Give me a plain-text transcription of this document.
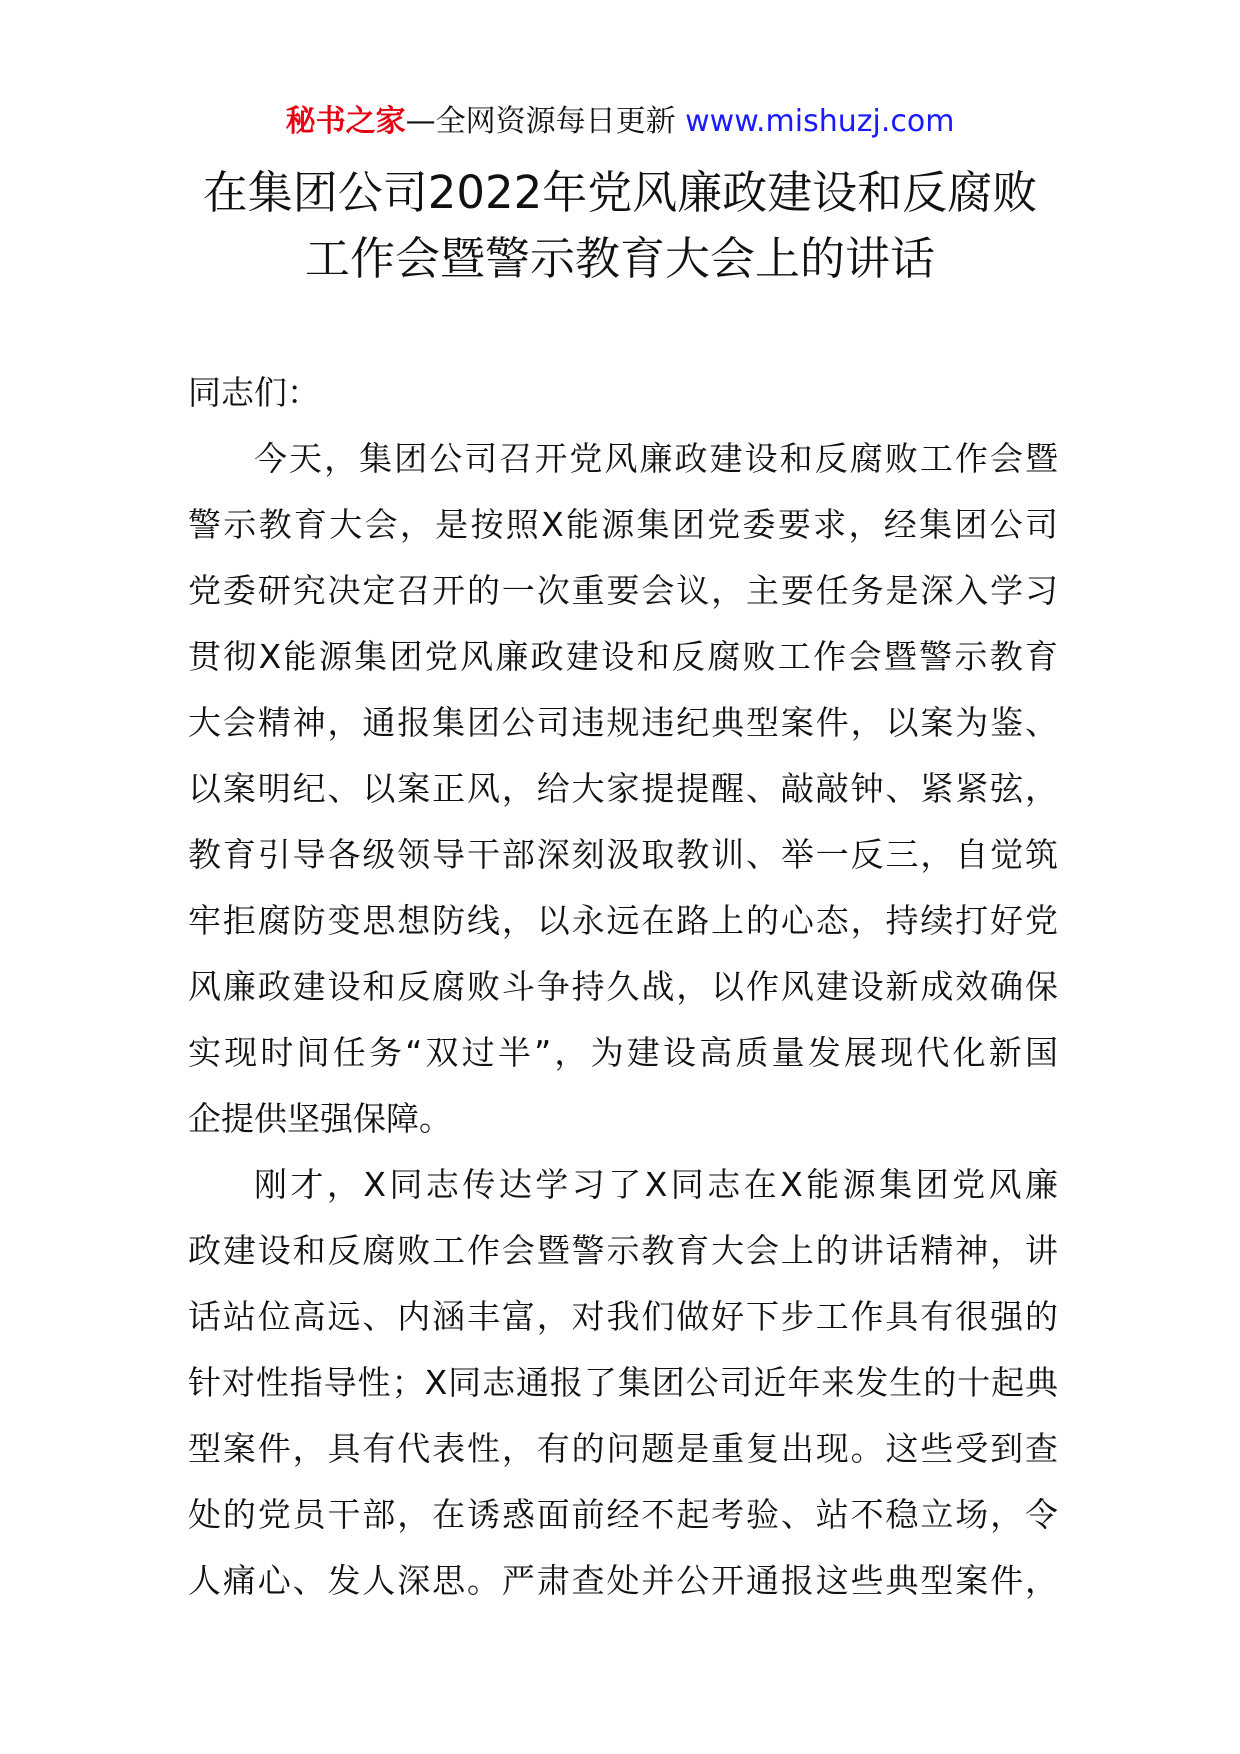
秘书之家—全网资源每日更新 www.mishuzj.com
在集团公司2022年党风廉政建设和反腐败
工作会暨警示教育大会上的讲话

同志们：

今天，集团公司召开党风廉政建设和反腐败工作会暨
警示教育大会，是按照X能源集团党委要求，经集团公司
党委研究决定召开的一次重要会议，主要任务是深入学习
贯彻X能源集团党风廉政建设和反腐败工作会暨警示教育
大会精神，通报集团公司违规违纪典型案件，以案为鉴、
以案明纪、以案正风，给大家提提醒、敲敲钟、紧紧弦，
教育引导各级领导干部深刻汲取教训、举一反三，自觉筑
牢拒腐防变思想防线，以永远在路上的心态，持续打好党
风廉政建设和反腐败斗争持久战，以作风建设新成效确保
实现时间任务“双过半”，为建设高质量发展现代化新国
企提供坚强保障。

刚才，X同志传达学习了X同志在X能源集团党风廉
政建设和反腐败工作会暨警示教育大会上的讲话精神，讲
话站位高远、内涵丰富，对我们做好下步工作具有很强的
针对性指导性；X同志通报了集团公司近年来发生的十起典
型案件，具有代表性，有的问题是重复出现。这些受到查
处的党员干部，在诱惑面前经不起考验、站不稳立场，令
人痛心、发人深思。严肃查处并公开通报这些典型案件，
